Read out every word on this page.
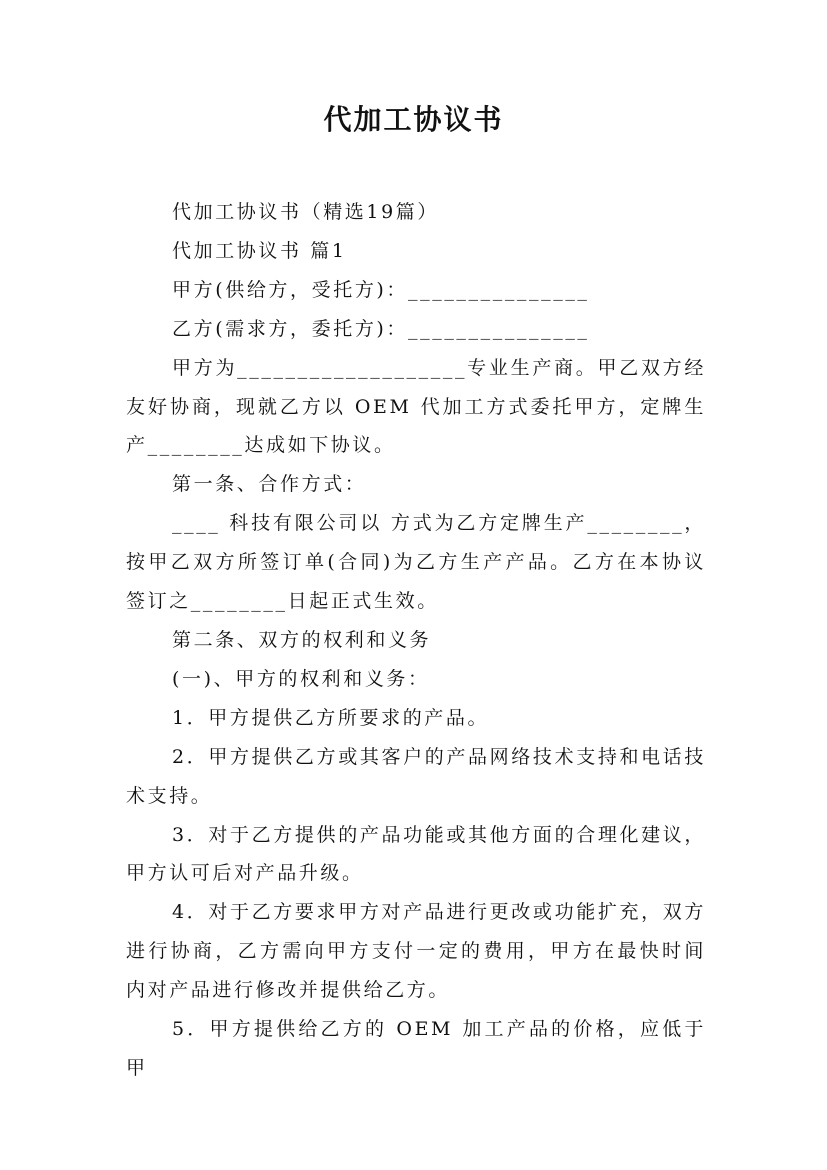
代加工协议书

代加工协议书（精选19篇）

代加工协议书 篇1

甲方(供给方，受托方)：_______________

乙方(需求方，委托方)：_______________

甲方为___________________专业生产商。甲乙双方经友好协商，现就乙方以 OEM 代加工方式委托甲方，定牌生产________达成如下协议。

第一条、合作方式：

____ 科技有限公司以 方式为乙方定牌生产________，按甲乙双方所签订单(合同)为乙方生产产品。乙方在本协议签订之________日起正式生效。

第二条、双方的权利和义务

(一)、甲方的权利和义务：

1．甲方提供乙方所要求的产品。

2．甲方提供乙方或其客户的产品网络技术支持和电话技术支持。

3．对于乙方提供的产品功能或其他方面的合理化建议，甲方认可后对产品升级。

4．对于乙方要求甲方对产品进行更改或功能扩充，双方进行协商，乙方需向甲方支付一定的费用，甲方在最快时间内对产品进行修改并提供给乙方。

5．甲方提供给乙方的 OEM 加工产品的价格，应低于甲
